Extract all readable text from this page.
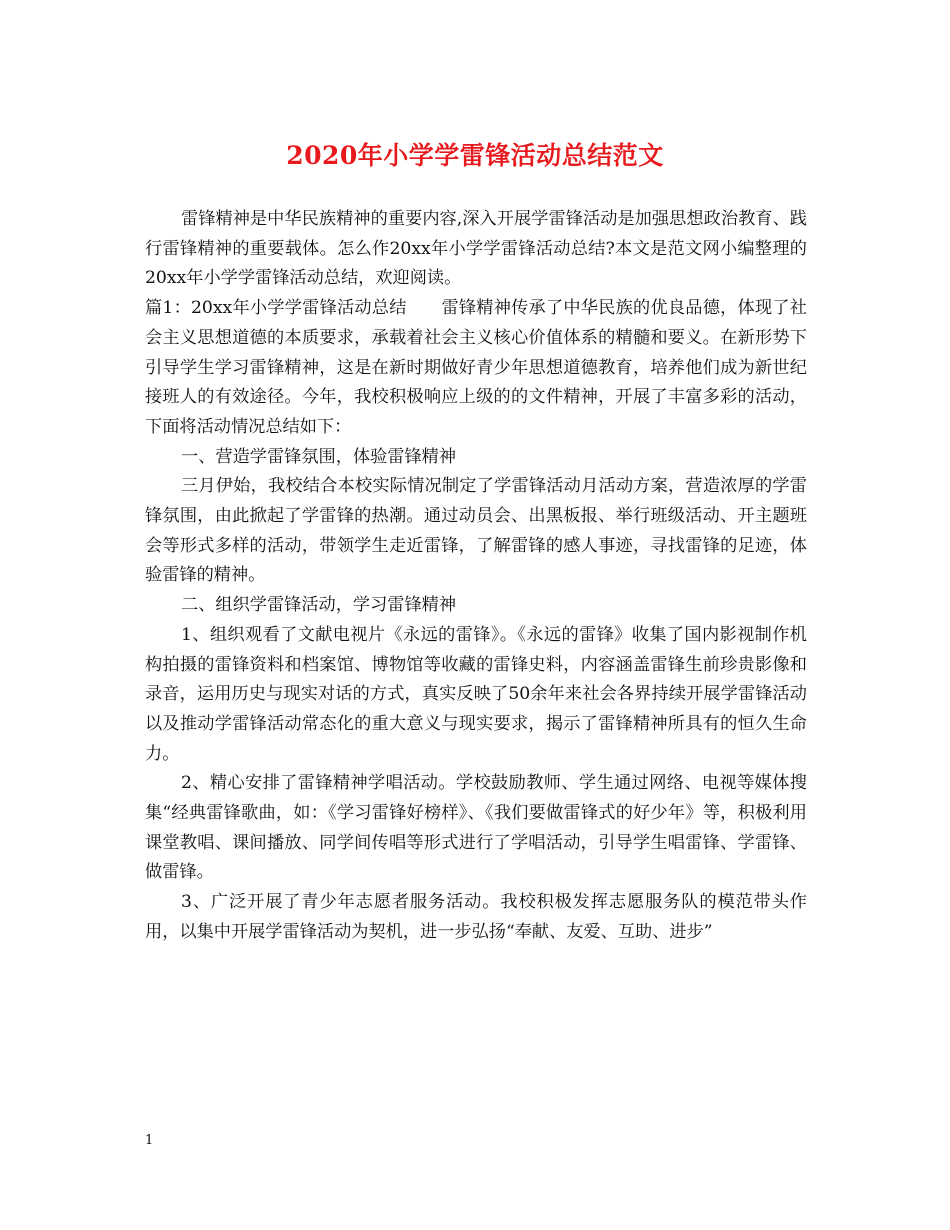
2020年小学学雷锋活动总结范文

雷锋精神是中华民族精神的重要内容,深入开展学雷锋活动是加强思想政治教育、践行雷锋精神的重要载体。怎么作20xx年小学学雷锋活动总结?本文是范文网小编整理的20xx年小学学雷锋活动总结，欢迎阅读。

篇1：20xx年小学学雷锋活动总结　　雷锋精神传承了中华民族的优良品德，体现了社会主义思想道德的本质要求，承载着社会主义核心价值体系的精髓和要义。在新形势下引导学生学习雷锋精神，这是在新时期做好青少年思想道德教育，培养他们成为新世纪接班人的有效途径。今年，我校积极响应上级的的文件精神，开展了丰富多彩的活动，下面将活动情况总结如下：

一、营造学雷锋氛围，体验雷锋精神

三月伊始，我校结合本校实际情况制定了学雷锋活动月活动方案，营造浓厚的学雷锋氛围，由此掀起了学雷锋的热潮。通过动员会、出黑板报、举行班级活动、开主题班会等形式多样的活动，带领学生走近雷锋，了解雷锋的感人事迹，寻找雷锋的足迹，体验雷锋的精神。

二、组织学雷锋活动，学习雷锋精神

1、组织观看了文献电视片《永远的雷锋》。《永远的雷锋》收集了国内影视制作机构拍摄的雷锋资料和档案馆、博物馆等收藏的雷锋史料，内容涵盖雷锋生前珍贵影像和录音，运用历史与现实对话的方式，真实反映了50余年来社会各界持续开展学雷锋活动以及推动学雷锋活动常态化的重大意义与现实要求，揭示了雷锋精神所具有的恒久生命力。

2、精心安排了雷锋精神学唱活动。学校鼓励教师、学生通过网络、电视等媒体搜集“经典雷锋歌曲，如：《学习雷锋好榜样》、《我们要做雷锋式的好少年》等，积极利用课堂教唱、课间播放、同学间传唱等形式进行了学唱活动，引导学生唱雷锋、学雷锋、做雷锋。

3、广泛开展了青少年志愿者服务活动。我校积极发挥志愿服务队的模范带头作用，以集中开展学雷锋活动为契机，进一步弘扬“奉献、友爱、互助、进步”

1
